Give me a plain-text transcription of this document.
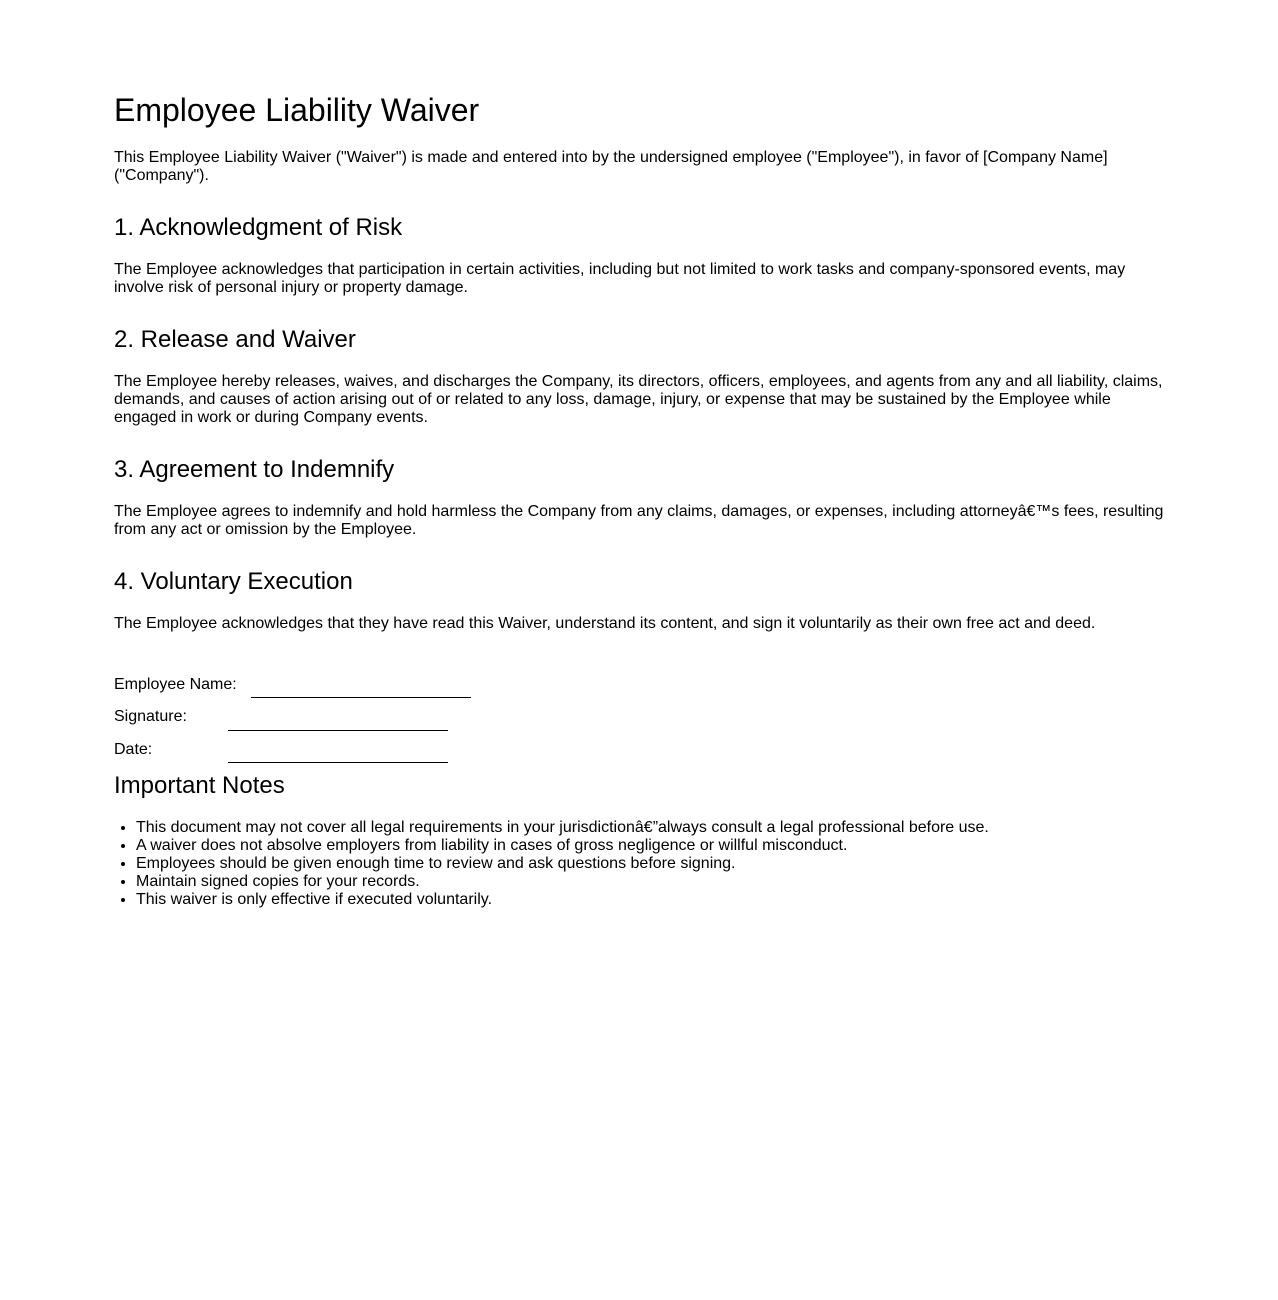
Employee Liability Waiver

This Employee Liability Waiver ("Waiver") is made and entered into by the undersigned employee ("Employee"), in favor of [Company Name] ("Company").

1. Acknowledgment of Risk

The Employee acknowledges that participation in certain activities, including but not limited to work tasks and company-sponsored events, may involve risk of personal injury or property damage.

2. Release and Waiver

The Employee hereby releases, waives, and discharges the Company, its directors, officers, employees, and agents from any and all liability, claims, demands, and causes of action arising out of or related to any loss, damage, injury, or expense that may be sustained by the Employee while engaged in work or during Company events.

3. Agreement to Indemnify

The Employee agrees to indemnify and hold harmless the Company from any claims, damages, or expenses, including attorneyâ€™s fees, resulting from any act or omission by the Employee.

4. Voluntary Execution

The Employee acknowledges that they have read this Waiver, understand its content, and sign it voluntarily as their own free act and deed.

Employee Name:
Signature:
Date:
Important Notes
• This document may not cover all legal requirements in your jurisdictionâ€”always consult a legal professional before use.
• A waiver does not absolve employers from liability in cases of gross negligence or willful misconduct.
• Employees should be given enough time to review and ask questions before signing.
• Maintain signed copies for your records.
• This waiver is only effective if executed voluntarily.
